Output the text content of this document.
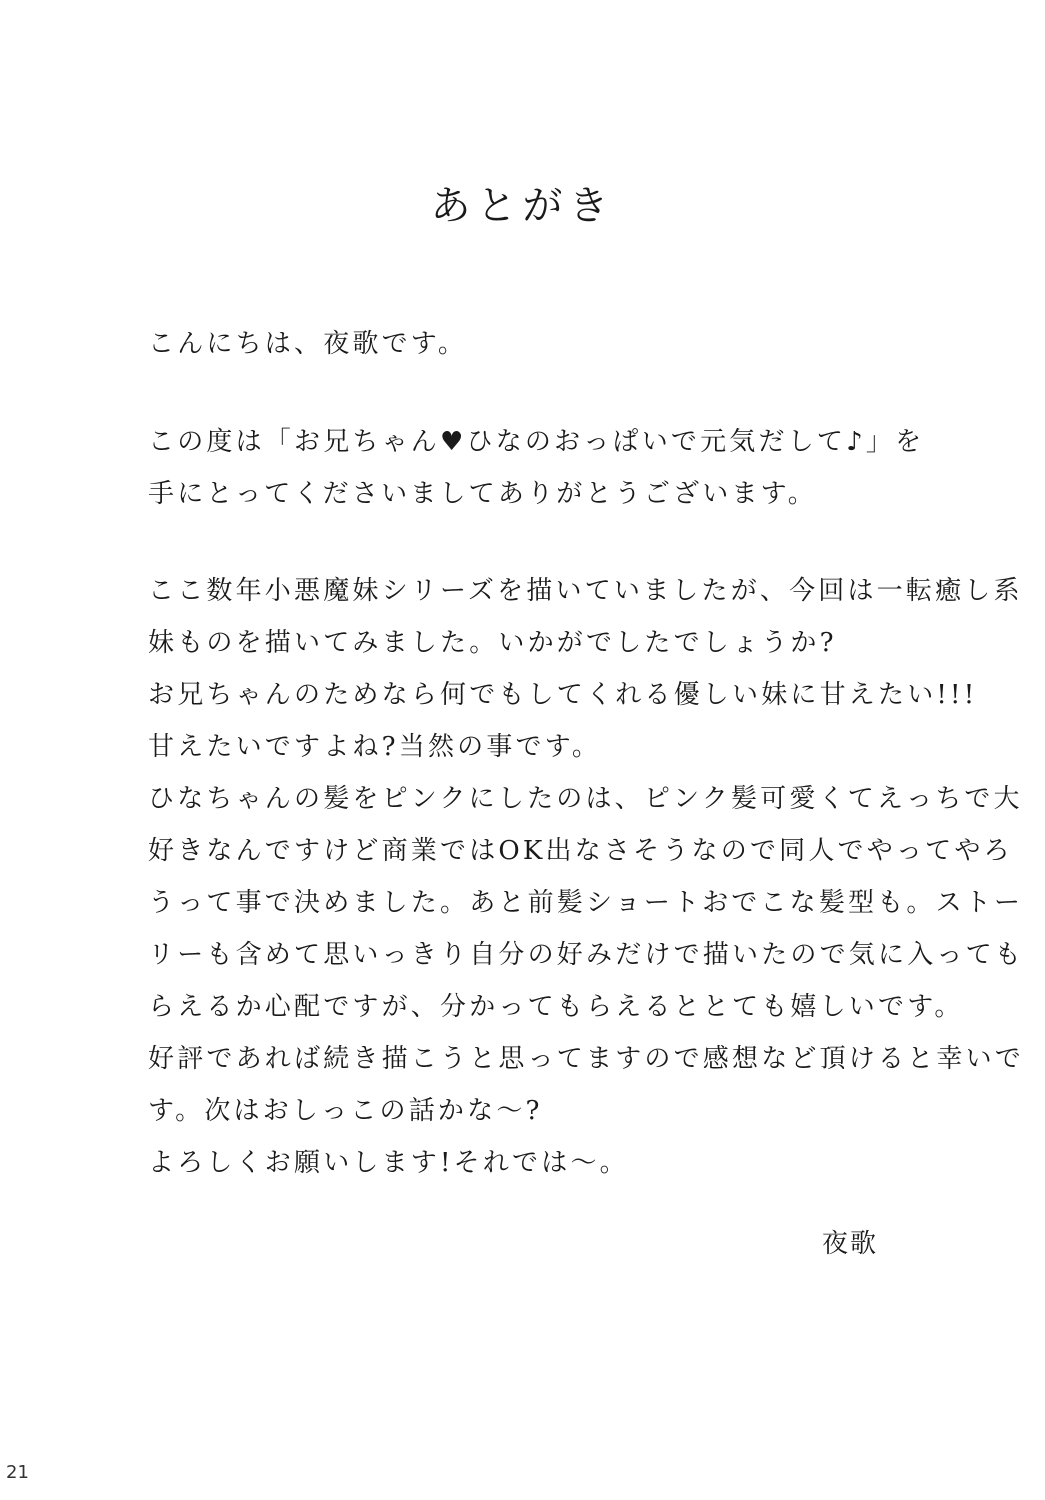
あとがき
こんにちは、夜歌です。
この度は「お兄ちゃん♥ひなのおっぱいで元気だして♪」を
手にとってくださいましてありがとうございます。
ここ数年小悪魔妹シリーズを描いていましたが、今回は一転癒し系
妹ものを描いてみました。いかがでしたでしょうか?
お兄ちゃんのためなら何でもしてくれる優しい妹に甘えたい!!!
甘えたいですよね?当然の事です。
ひなちゃんの髪をピンクにしたのは、ピンク髪可愛くてえっちで大
好きなんですけど商業ではOK出なさそうなので同人でやってやろ
うって事で決めました。あと前髪ショートおでこな髪型も。ストー
リーも含めて思いっきり自分の好みだけで描いたので気に入っても
らえるか心配ですが、分かってもらえるととても嬉しいです。
好評であれば続き描こうと思ってますので感想など頂けると幸いで
す。次はおしっこの話かな〜?
よろしくお願いします!それでは〜。
夜歌
21
